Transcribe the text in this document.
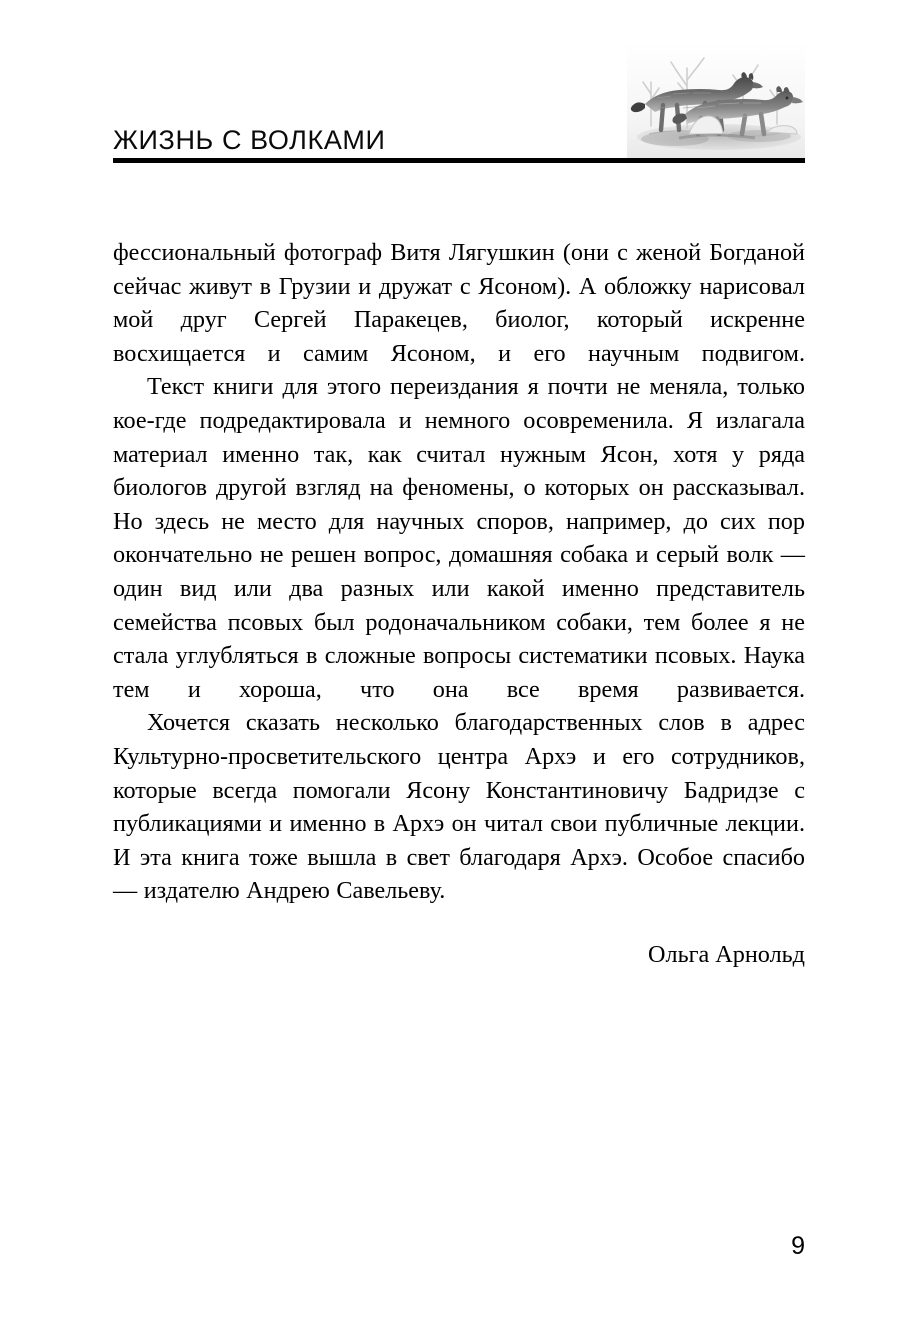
ЖИЗНЬ С ВОЛКАМИ

фессиональный фотограф Витя Лягушкин (они с женой Богданой сейчас живут в Грузии и дружат с Ясоном). А обложку нарисовал мой друг Сергей Паракецев, биолог, который искренне восхищается и самим Ясоном, и его научным подвигом.

Текст книги для этого переиздания я почти не меняла, только кое-где подредактировала и немного осовременила. Я излагала материал именно так, как считал нужным Ясон, хотя у ряда биологов другой взгляд на феномены, о которых он рассказывал. Но здесь не место для научных споров, например, до сих пор окончательно не решен вопрос, домашняя собака и серый волк — один вид или два разных или какой именно представитель семейства псовых был родоначальником собаки, тем более я не стала углубляться в сложные вопросы систематики псовых. Наука тем и хороша, что она все время развивается.

Хочется сказать несколько благодарственных слов в адрес Культурно-просветительского центра Архэ и его сотрудников, которые всегда помогали Ясону Константиновичу Бадридзе с публикациями и именно в Архэ он читал свои публичные лекции. И эта книга тоже вышла в свет благодаря Архэ. Особое спасибо — издателю Андрею Савельеву.

Ольга Арнольд

9
